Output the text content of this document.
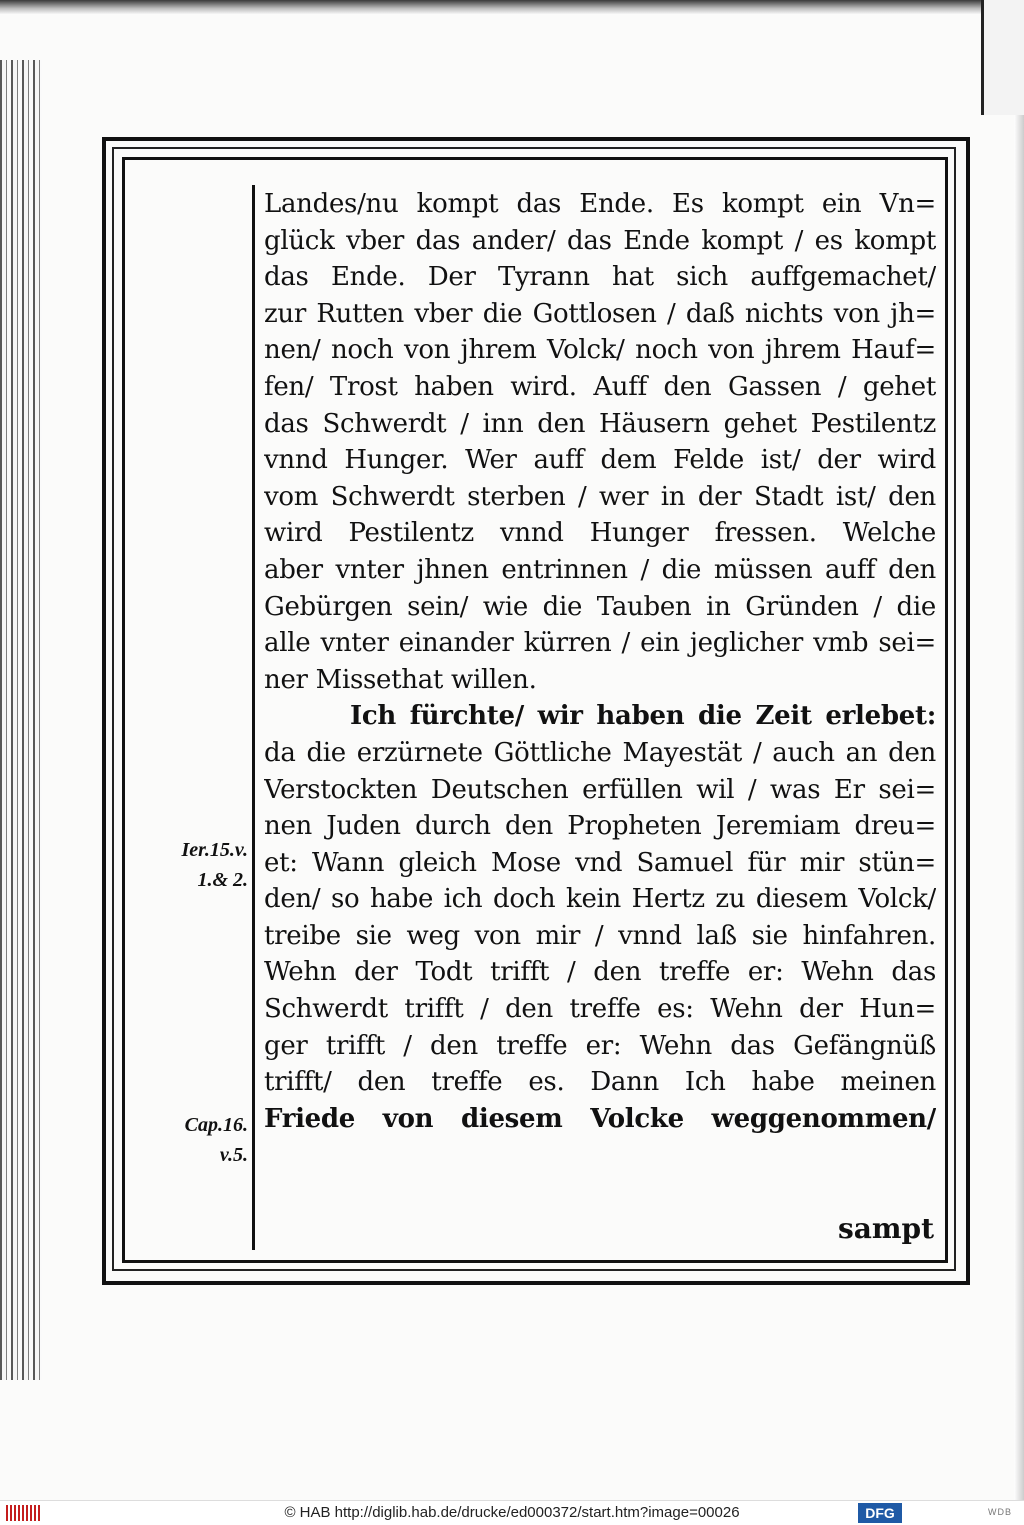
Ier.15.v.
1.& 2.
Cap.16.
v.5.
Landes/nu kompt das Ende. Es kompt ein Vn=
glück vber das ander/ das Ende kompt / es kompt
das Ende. Der Tyrann hat sich auffgemachet/
zur Rutten vber die Gottlosen / daß nichts von jh=
nen/ noch von jhrem Volck/ noch von jhrem Hauf=
fen/ Trost haben wird. Auff den Gassen / gehet
das Schwerdt / inn den Häusern gehet Pestilentz
vnnd Hunger. Wer auff dem Felde ist/ der wird
vom Schwerdt sterben / wer in der Stadt ist/ den
wird Pestilentz vnnd Hunger fressen. Welche
aber vnter jhnen entrinnen / die müssen auff den
Gebürgen sein/ wie die Tauben in Gründen / die
alle vnter einander kürren / ein jeglicher vmb sei=
ner Missethat willen.
Ich fürchte/ wir haben die Zeit erlebet:
da die erzürnete Göttliche Mayestät / auch an den
Verstockten Deutschen erfüllen wil / was Er sei=
nen Juden durch den Propheten Jeremiam dreu=
et: Wann gleich Mose vnd Samuel für mir stün=
den/ so habe ich doch kein Hertz zu diesem Volck/
treibe sie weg von mir / vnnd laß sie hinfahren.
Wehn der Todt trifft / den treffe er: Wehn das
Schwerdt trifft / den treffe es: Wehn der Hun=
ger trifft / den treffe er: Wehn das Gefängnüß
trifft/ den treffe es. Dann Ich habe meinen
Friede von diesem Volcke weggenommen/
sampt
© HAB http://diglib.hab.de/drucke/ed000372/start.htm?image=00026	DFG	WDB
